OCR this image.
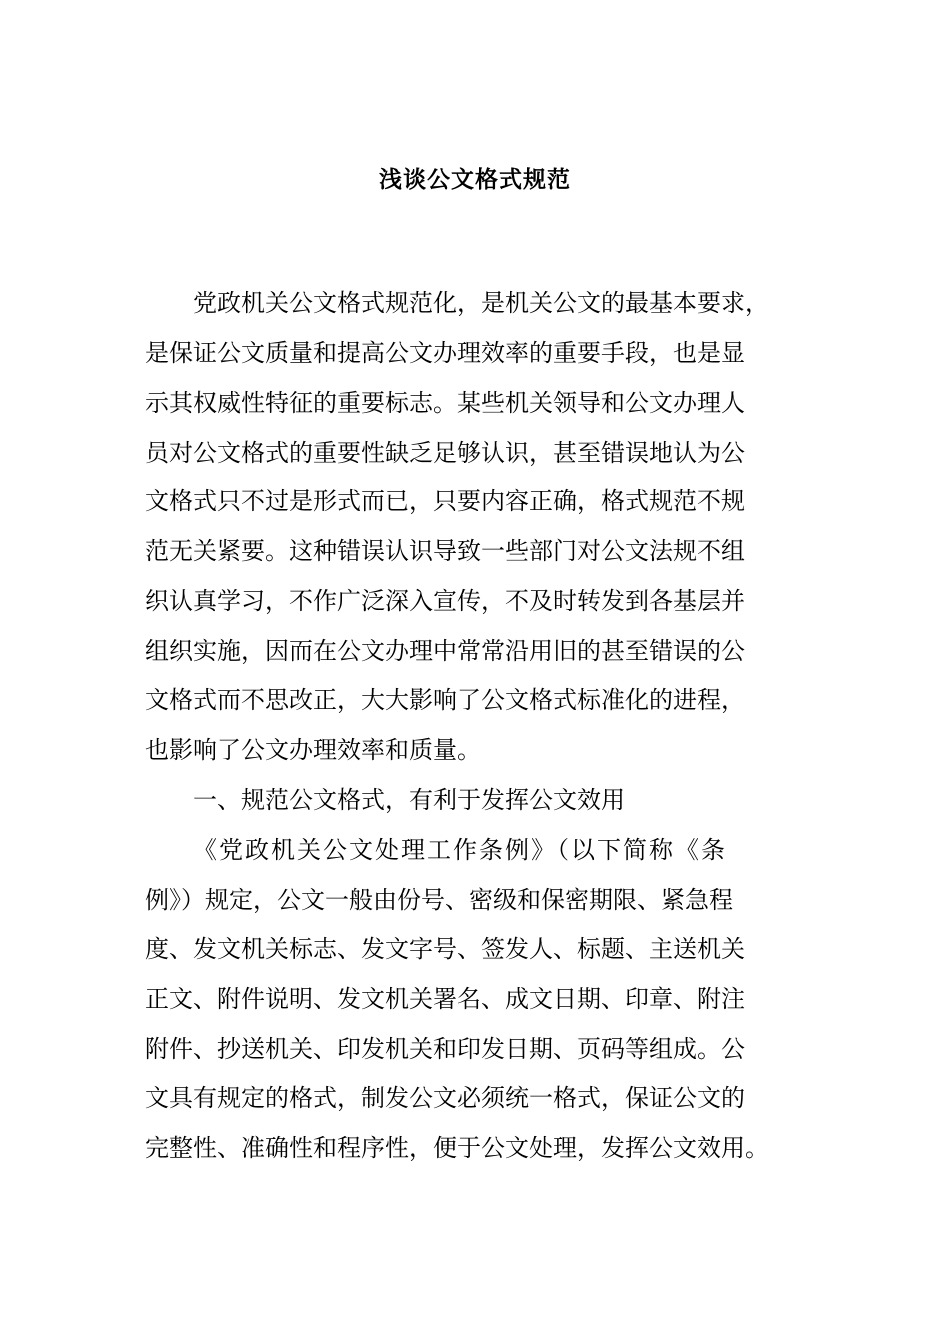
浅谈公文格式规范
党政机关公文格式规范化，是机关公文的最基本要求，
是保证公文质量和提高公文办理效率的重要手段，也是显
示其权威性特征的重要标志。某些机关领导和公文办理人
员对公文格式的重要性缺乏足够认识，甚至错误地认为公
文格式只不过是形式而已，只要内容正确，格式规范不规
范无关紧要。这种错误认识导致一些部门对公文法规不组
织认真学习，不作广泛深入宣传，不及时转发到各基层并
组织实施，因而在公文办理中常常沿用旧的甚至错误的公
文格式而不思改正，大大影响了公文格式标准化的进程，
也影响了公文办理效率和质量。
一、规范公文格式，有利于发挥公文效用
《党政机关公文处理工作条例》（以下简称《条
例》）规定，公文一般由份号、密级和保密期限、紧急程
度、发文机关标志、发文字号、签发人、标题、主送机关
正文、附件说明、发文机关署名、成文日期、印章、附注
附件、抄送机关、印发机关和印发日期、页码等组成。公
文具有规定的格式，制发公文必须统一格式，保证公文的
完整性、准确性和程序性，便于公文处理，发挥公文效用。
